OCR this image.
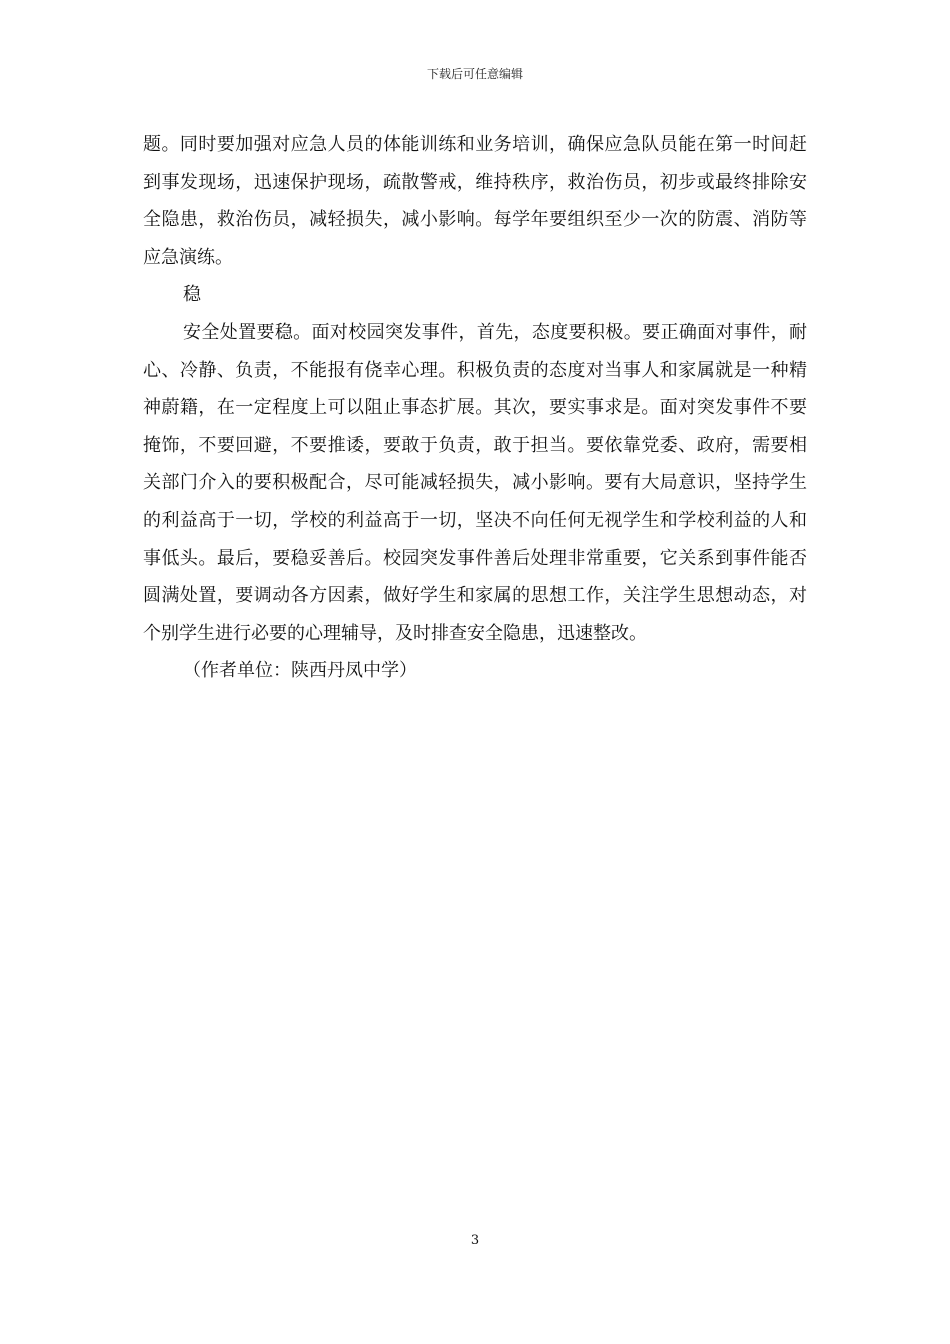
下载后可任意编辑

题。同时要加强对应急人员的体能训练和业务培训，确保应急队员能在第一时间赶到事发现场，迅速保护现场，疏散警戒，维持秩序，救治伤员，初步或最终排除安全隐患，救治伤员，减轻损失，减小影响。每学年要组织至少一次的防震、消防等应急演练。

稳

安全处置要稳。面对校园突发事件，首先，态度要积极。要正确面对事件，耐心、冷静、负责，不能报有侥幸心理。积极负责的态度对当事人和家属就是一种精神蔚籍，在一定程度上可以阻止事态扩展。其次，要实事求是。面对突发事件不要掩饰，不要回避，不要推诿，要敢于负责，敢于担当。要依靠党委、政府，需要相关部门介入的要积极配合，尽可能减轻损失，减小影响。要有大局意识，坚持学生的利益高于一切，学校的利益高于一切，坚决不向任何无视学生和学校利益的人和事低头。最后，要稳妥善后。校园突发事件善后处理非常重要，它关系到事件能否圆满处置，要调动各方因素，做好学生和家属的思想工作，关注学生思想动态，对个别学生进行必要的心理辅导，及时排查安全隐患，迅速整改。

（作者单位：陕西丹凤中学）

3
